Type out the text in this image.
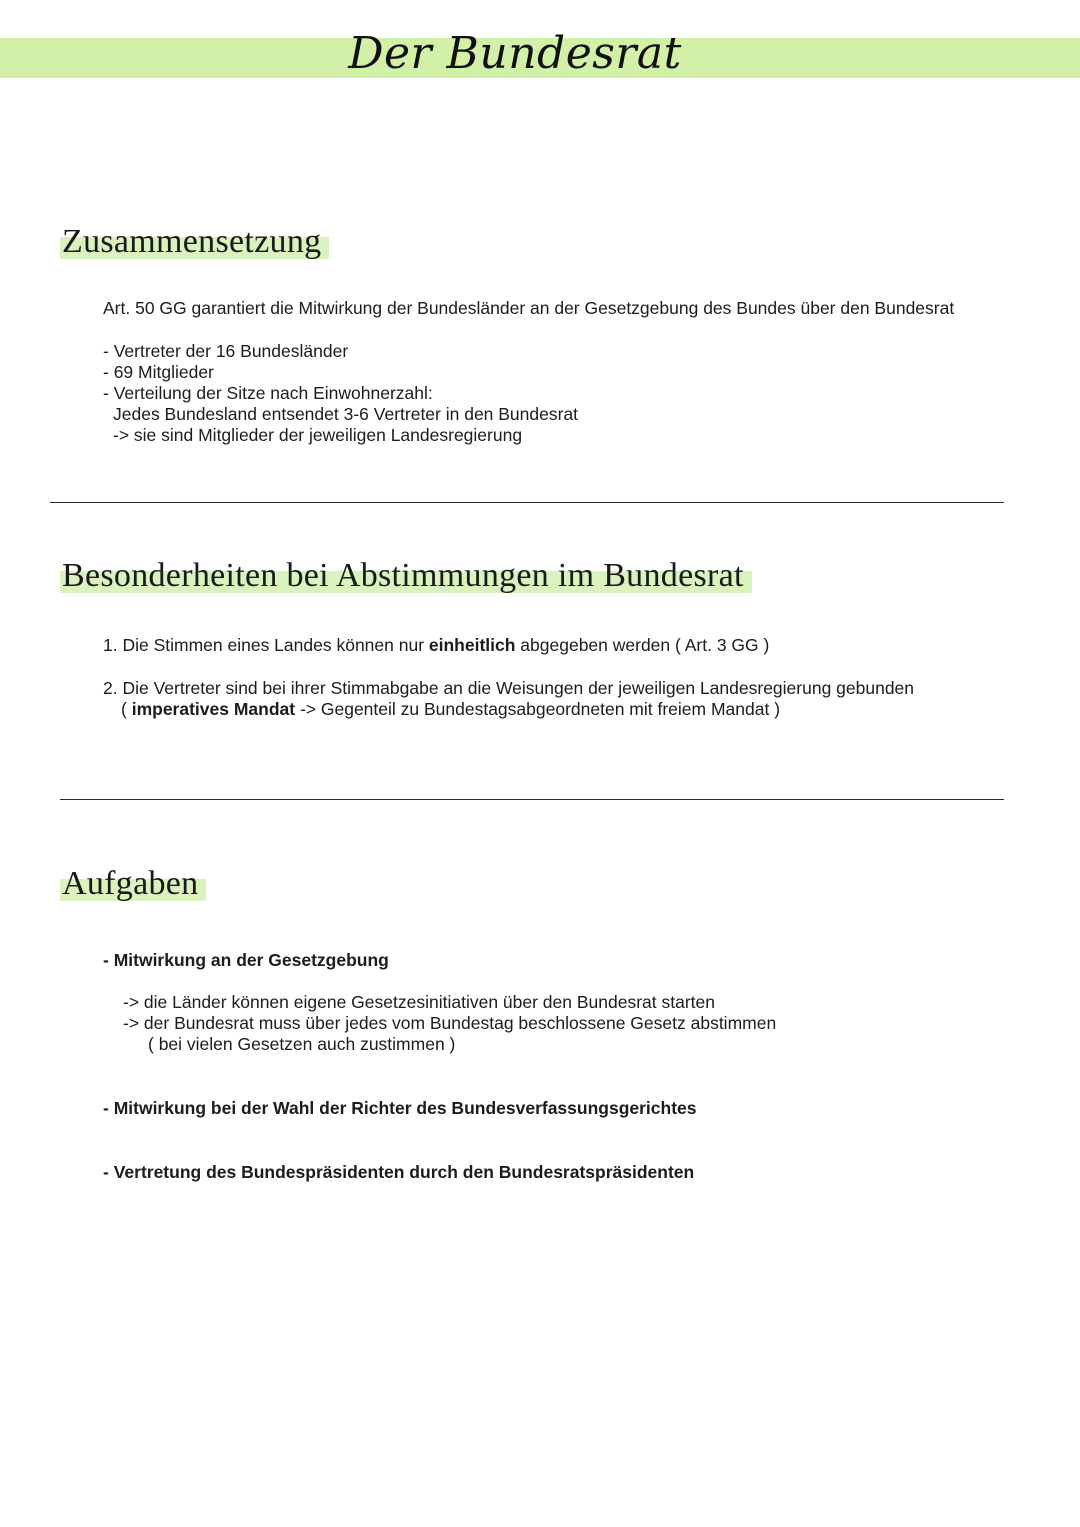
Der Bundesrat
Zusammensetzung
Art. 50 GG garantiert die Mitwirkung der Bundesländer an der Gesetzgebung des Bundes über den Bundesrat
- Vertreter der 16 Bundesländer
- 69 Mitglieder
- Verteilung der Sitze nach Einwohnerzahl:
Jedes Bundesland entsendet 3-6 Vertreter in den Bundesrat
-> sie sind Mitglieder der jeweiligen Landesregierung
Besonderheiten bei Abstimmungen im Bundesrat
1. Die Stimmen eines Landes können nur einheitlich abgegeben werden ( Art. 3 GG )
2. Die Vertreter sind bei ihrer Stimmabgabe an die Weisungen der jeweiligen Landesregierung gebunden
( imperatives Mandat -> Gegenteil zu Bundestagsabgeordneten mit freiem Mandat )
Aufgaben
- Mitwirkung an der Gesetzgebung
-> die Länder können eigene Gesetzesinitiativen über den Bundesrat starten
-> der Bundesrat muss über jedes vom Bundestag beschlossene Gesetz abstimmen
( bei vielen Gesetzen auch zustimmen )
- Mitwirkung bei der Wahl der Richter des Bundesverfassungsgerichtes
- Vertretung des Bundespräsidenten durch den Bundesratspräsidenten
